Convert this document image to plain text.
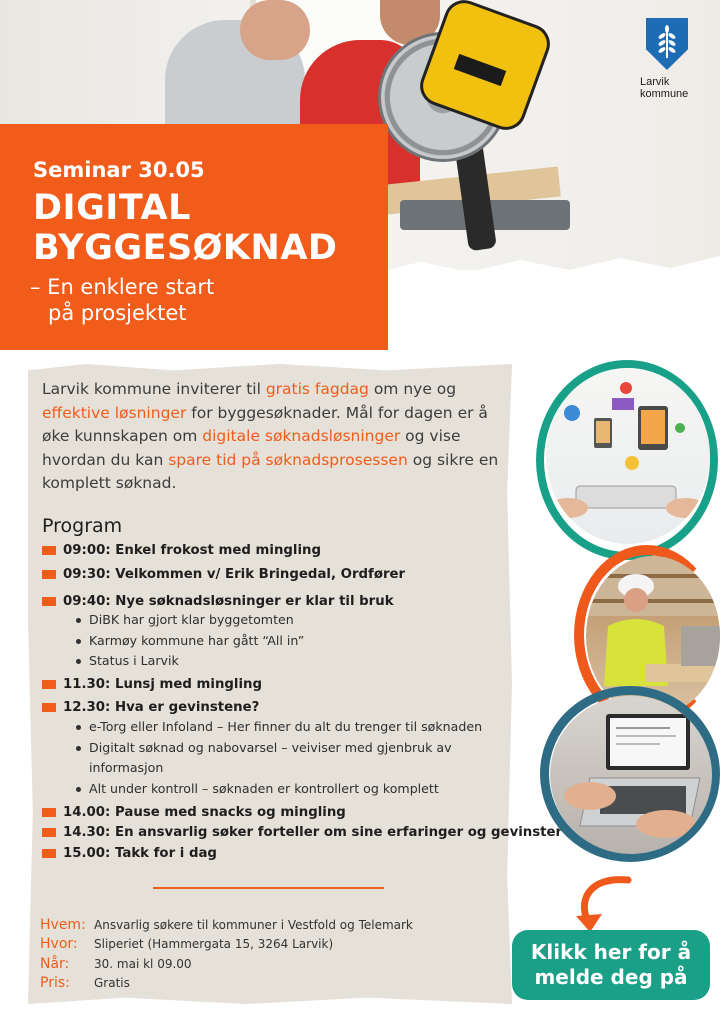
Larvik
kommune
Seminar 30.05
DIGITAL
BYGGESØKNAD
– En enklere start
på prosjektet
Larvik kommune inviterer til gratis fagdag om nye og effektive løsninger for byggesøknader. Mål for dagen er å øke kunnskapen om digitale søknadsløsninger og vise hvordan du kan spare tid på søknadsprosessen og sikre en komplett søknad.
Program
09:00: Enkel frokost med mingling
09:30: Velkommen v/ Erik Bringedal, Ordfører
09:40: Nye søknadsløsninger er klar til bruk
DiBK har gjort klar byggetomten
Karmøy kommune har gått “All in”
Status i Larvik
11.30: Lunsj med mingling
12.30: Hva er gevinstene?
e-Torg eller Infoland – Her finner du alt du trenger til søknaden
Digitalt søknad og nabovarsel – veiviser med gjenbruk av
informasjon
Alt under kontroll – søknaden er kontrollert og komplett
14.00: Pause med snacks og mingling
14.30: En ansvarlig søker forteller om sine erfaringer og gevinster
15.00: Takk for i dag
Hvem: Ansvarlig søkere til kommuner i Vestfold og Telemark
Hvor:	Sliperiet (Hammergata 15, 3264 Larvik)
Når:	30. mai kl 09.00
Pris:	Gratis
Klikk her for å
melde deg på
